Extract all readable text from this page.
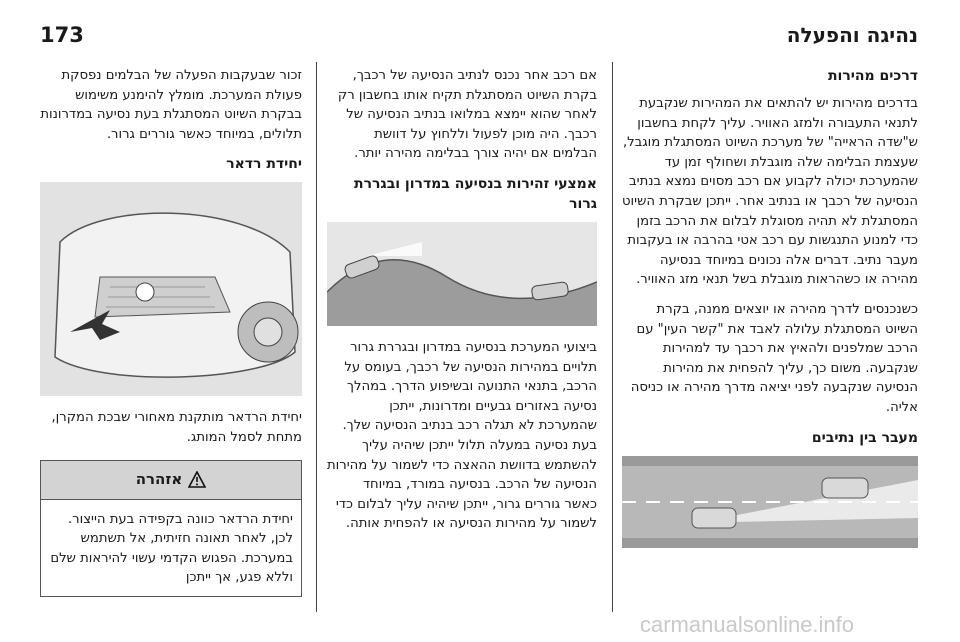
173	נהיגה והפעלה
דרכים מהירות

בדרכים מהירות יש להתאים את המהירות שנקבעת לתנאי התעבורה ולמזג האוויר. עליך לקחת בחשבון ש"שדה הראייה" של מערכת השיוט המסתגלת מוגבל, שעצמת הבלימה שלה מוגבלת ושחולף זמן עד שהמערכת יכולה לקבוע אם רכב מסוים נמצא בנתיב הנסיעה של רכבך או בנתיב אחר. ייתכן שבקרת השיוט המסתגלת לא תהיה מסוגלת לבלום את הרכב בזמן כדי למנוע התנגשות עם רכב אטי בהרבה או בעקבות מעבר נתיב. דברים אלה נכונים במיוחד בנסיעה מהירה או כשהראות מוגבלת בשל תנאי מזג האוויר.

כשנכנסים לדרך מהירה או יוצאים ממנה, בקרת השיוט המסתגלת עלולה לאבד את "קשר העין" עם הרכב שמלפנים ולהאיץ את רכבך עד למהירות שנקבעה. משום כך, עליך להפחית את מהירות הנסיעה שנקבעה לפני יציאה מדרך מהירה או כניסה אליה.

מעבר בין נתיבים

אם רכב אחר נכנס לנתיב הנסיעה של רכבך, בקרת השיוט המסתגלת תקיח אותו בחשבון רק לאחר שהוא יימצא במלואו בנתיב הנסיעה של רכבך. היה מוכן לפעול וללחוץ על דוושת הבלמים אם יהיה צורך בבלימה מהירה יותר.

אמצעי זהירות בנסיעה במדרון ובגררת גרור

ביצועי המערכת בנסיעה במדרון ובגררת גרור תלויים במהירות הנסיעה של רכבך, בעומס על הרכב, בתנאי התנועה ובשיפוע הדרך. במהלך נסיעה באזורים גבעיים ומדרונות, ייתכן שהמערכת לא תגלה רכב בנתיב הנסיעה שלך. בעת נסיעה במעלה תלול ייתכן שיהיה עליך להשתמש בדוושת ההאצה כדי לשמור על מהירות הנסיעה של הרכב. בנסיעה במורד, במיוחד כאשר גוררים גרור, ייתכן שיהיה עליך לבלום כדי לשמור על מהירות הנסיעה או להפחית אותה.

זכור שבעקבות הפעלה של הבלמים נפסקת פעולת המערכת. מומלץ להימנע משימוש בבקרת השיוט המסתגלת בעת נסיעה במדרונות תלולים, במיוחד כאשר גוררים גרור.

יחידת רדאר

יחידת הרדאר מותקנת מאחורי שבכת המקרן, מתחת לסמל המותג.

אזהרה
יחידת הרדאר כוונה בקפידה בעת הייצור. לכן, לאחר תאונה חזיתית, אל תשתמש במערכת. הפגוש הקדמי עשוי להיראות שלם וללא פגע, אך ייתכן
carmanualsonline.info
